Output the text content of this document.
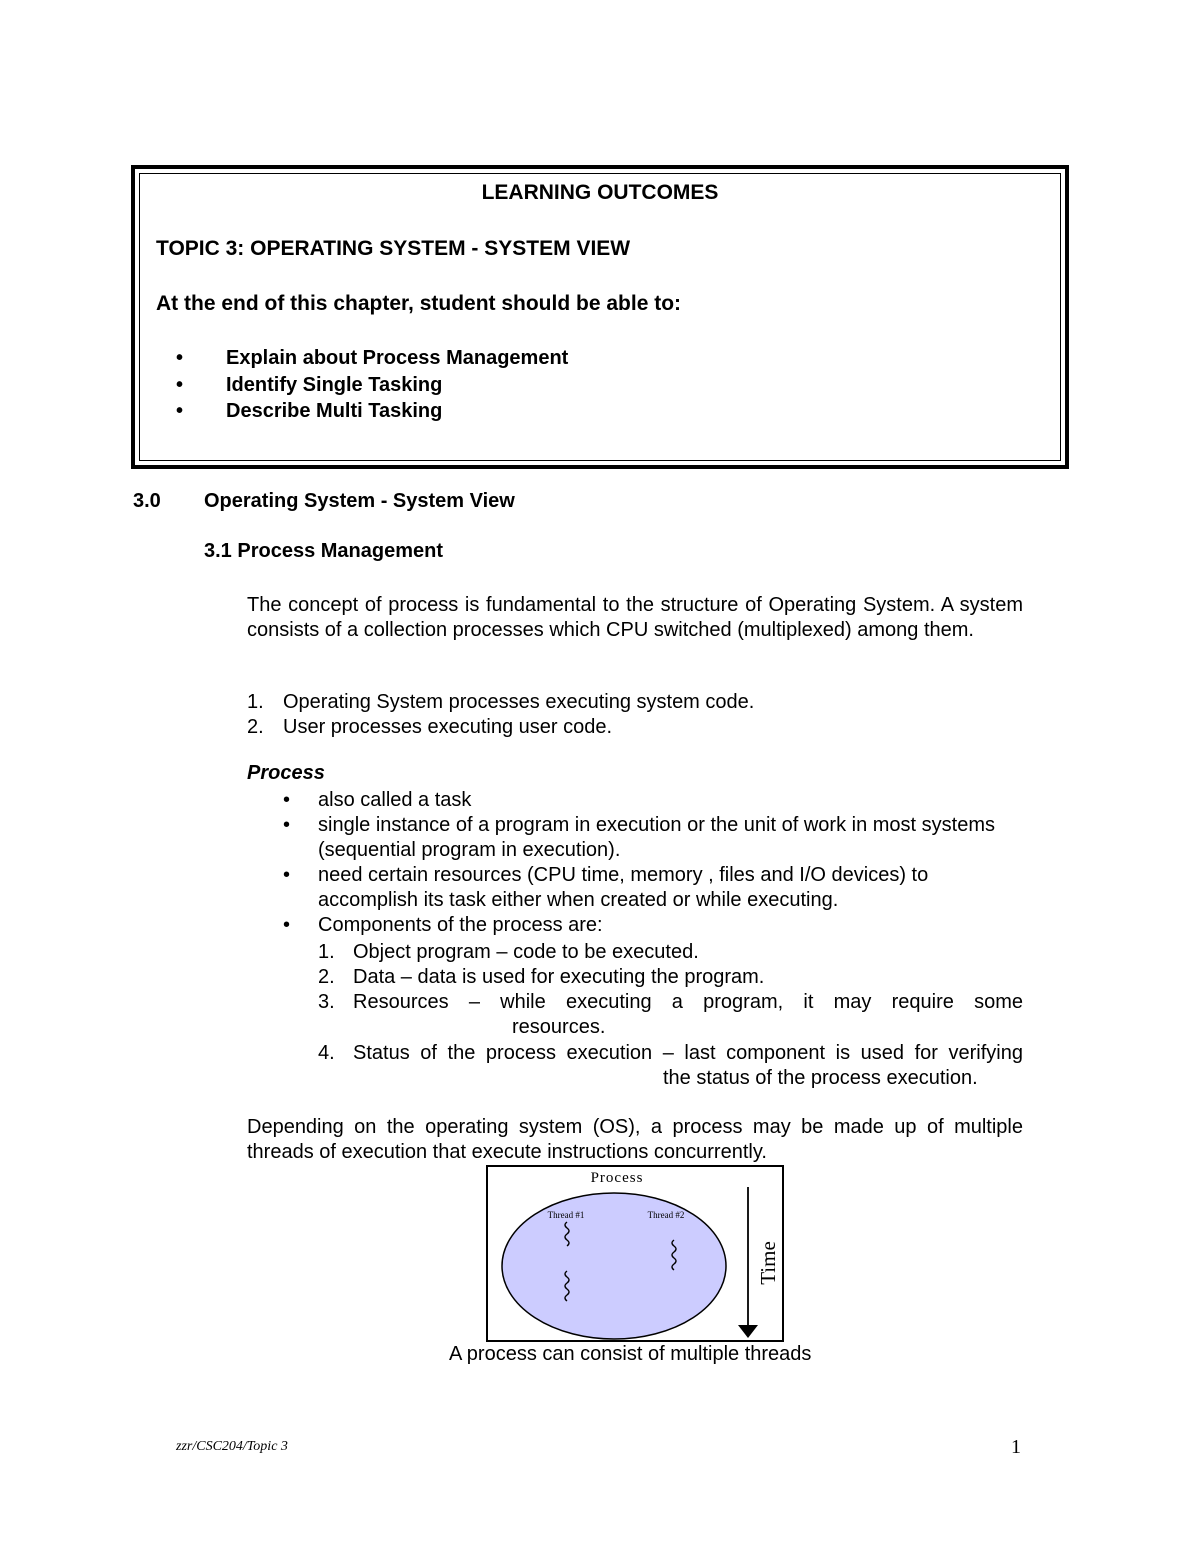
LEARNING OUTCOMES
TOPIC 3: OPERATING SYSTEM - SYSTEM VIEW
At the end of this chapter, student should be able to:
• Explain about Process Management
• Identify Single Tasking
• Describe Multi Tasking
3.0 Operating System - System View
3.1 Process Management
The concept of process is fundamental to the structure of Operating System. A system consists of a collection processes which CPU switched (multiplexed) among them.
1. Operating System processes executing system code.
2. User processes executing user code.
Process
• also called a task
• single instance of a program in execution or the unit of work in most systems (sequential program in execution).
• need certain resources (CPU time, memory , files and I/O devices) to accomplish its task either when created or while executing.
• Components of the process are:
1. Object program – code to be executed.
2. Data – data is used for executing the program.
3. Resources – while executing a program, it may require some
resources.
4. Status of the process execution – last component is used for verifying
the status of the process execution.
Depending on the operating system (OS), a process may be made up of multiple threads of execution that execute instructions concurrently.
Process
Thread #1	Thread #2
Time
A process can consist of multiple threads
zzr/CSC204/Topic 3	1
